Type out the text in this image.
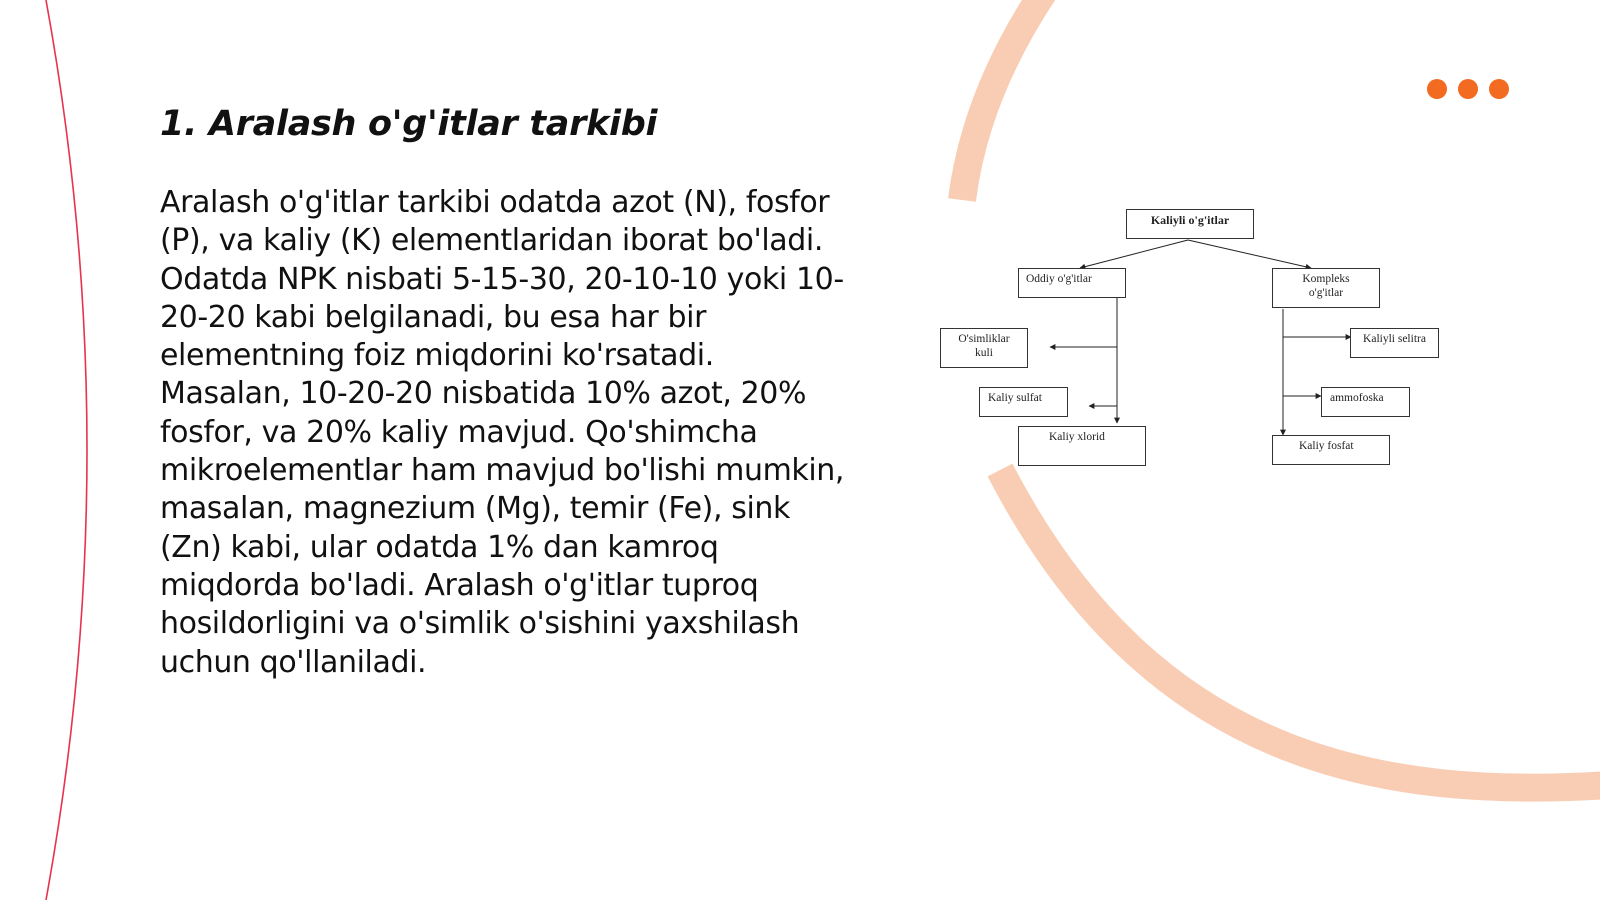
1. Aralash o'g'itlar tarkibi

Aralash o'g'itlar tarkibi odatda azot (N), fosfor (P), va kaliy (K) elementlaridan iborat bo'ladi. Odatda NPK nisbati 5-15-30, 20-10-10 yoki 10-20-20 kabi belgilanadi, bu esa har bir elementning foiz miqdorini ko'rsatadi. Masalan, 10-20-20 nisbatida 10% azot, 20% fosfor, va 20% kaliy mavjud. Qo'shimcha mikroelementlar ham mavjud bo'lishi mumkin, masalan, magnezium (Mg), temir (Fe), sink (Zn) kabi, ular odatda 1% dan kamroq miqdorda bo'ladi. Aralash o'g'itlar tuproq hosildorligini va o'simlik o'sishini yaxshilash uchun qo'llaniladi.

Kaliyli o'g'itlar
Oddiy o'g'itlar	Kompleks o'g'itlar
O'simliklar kuli
Kaliy sulfat
Kaliy xlorid
Kaliyli selitra
ammofoska
Kaliy fosfat
